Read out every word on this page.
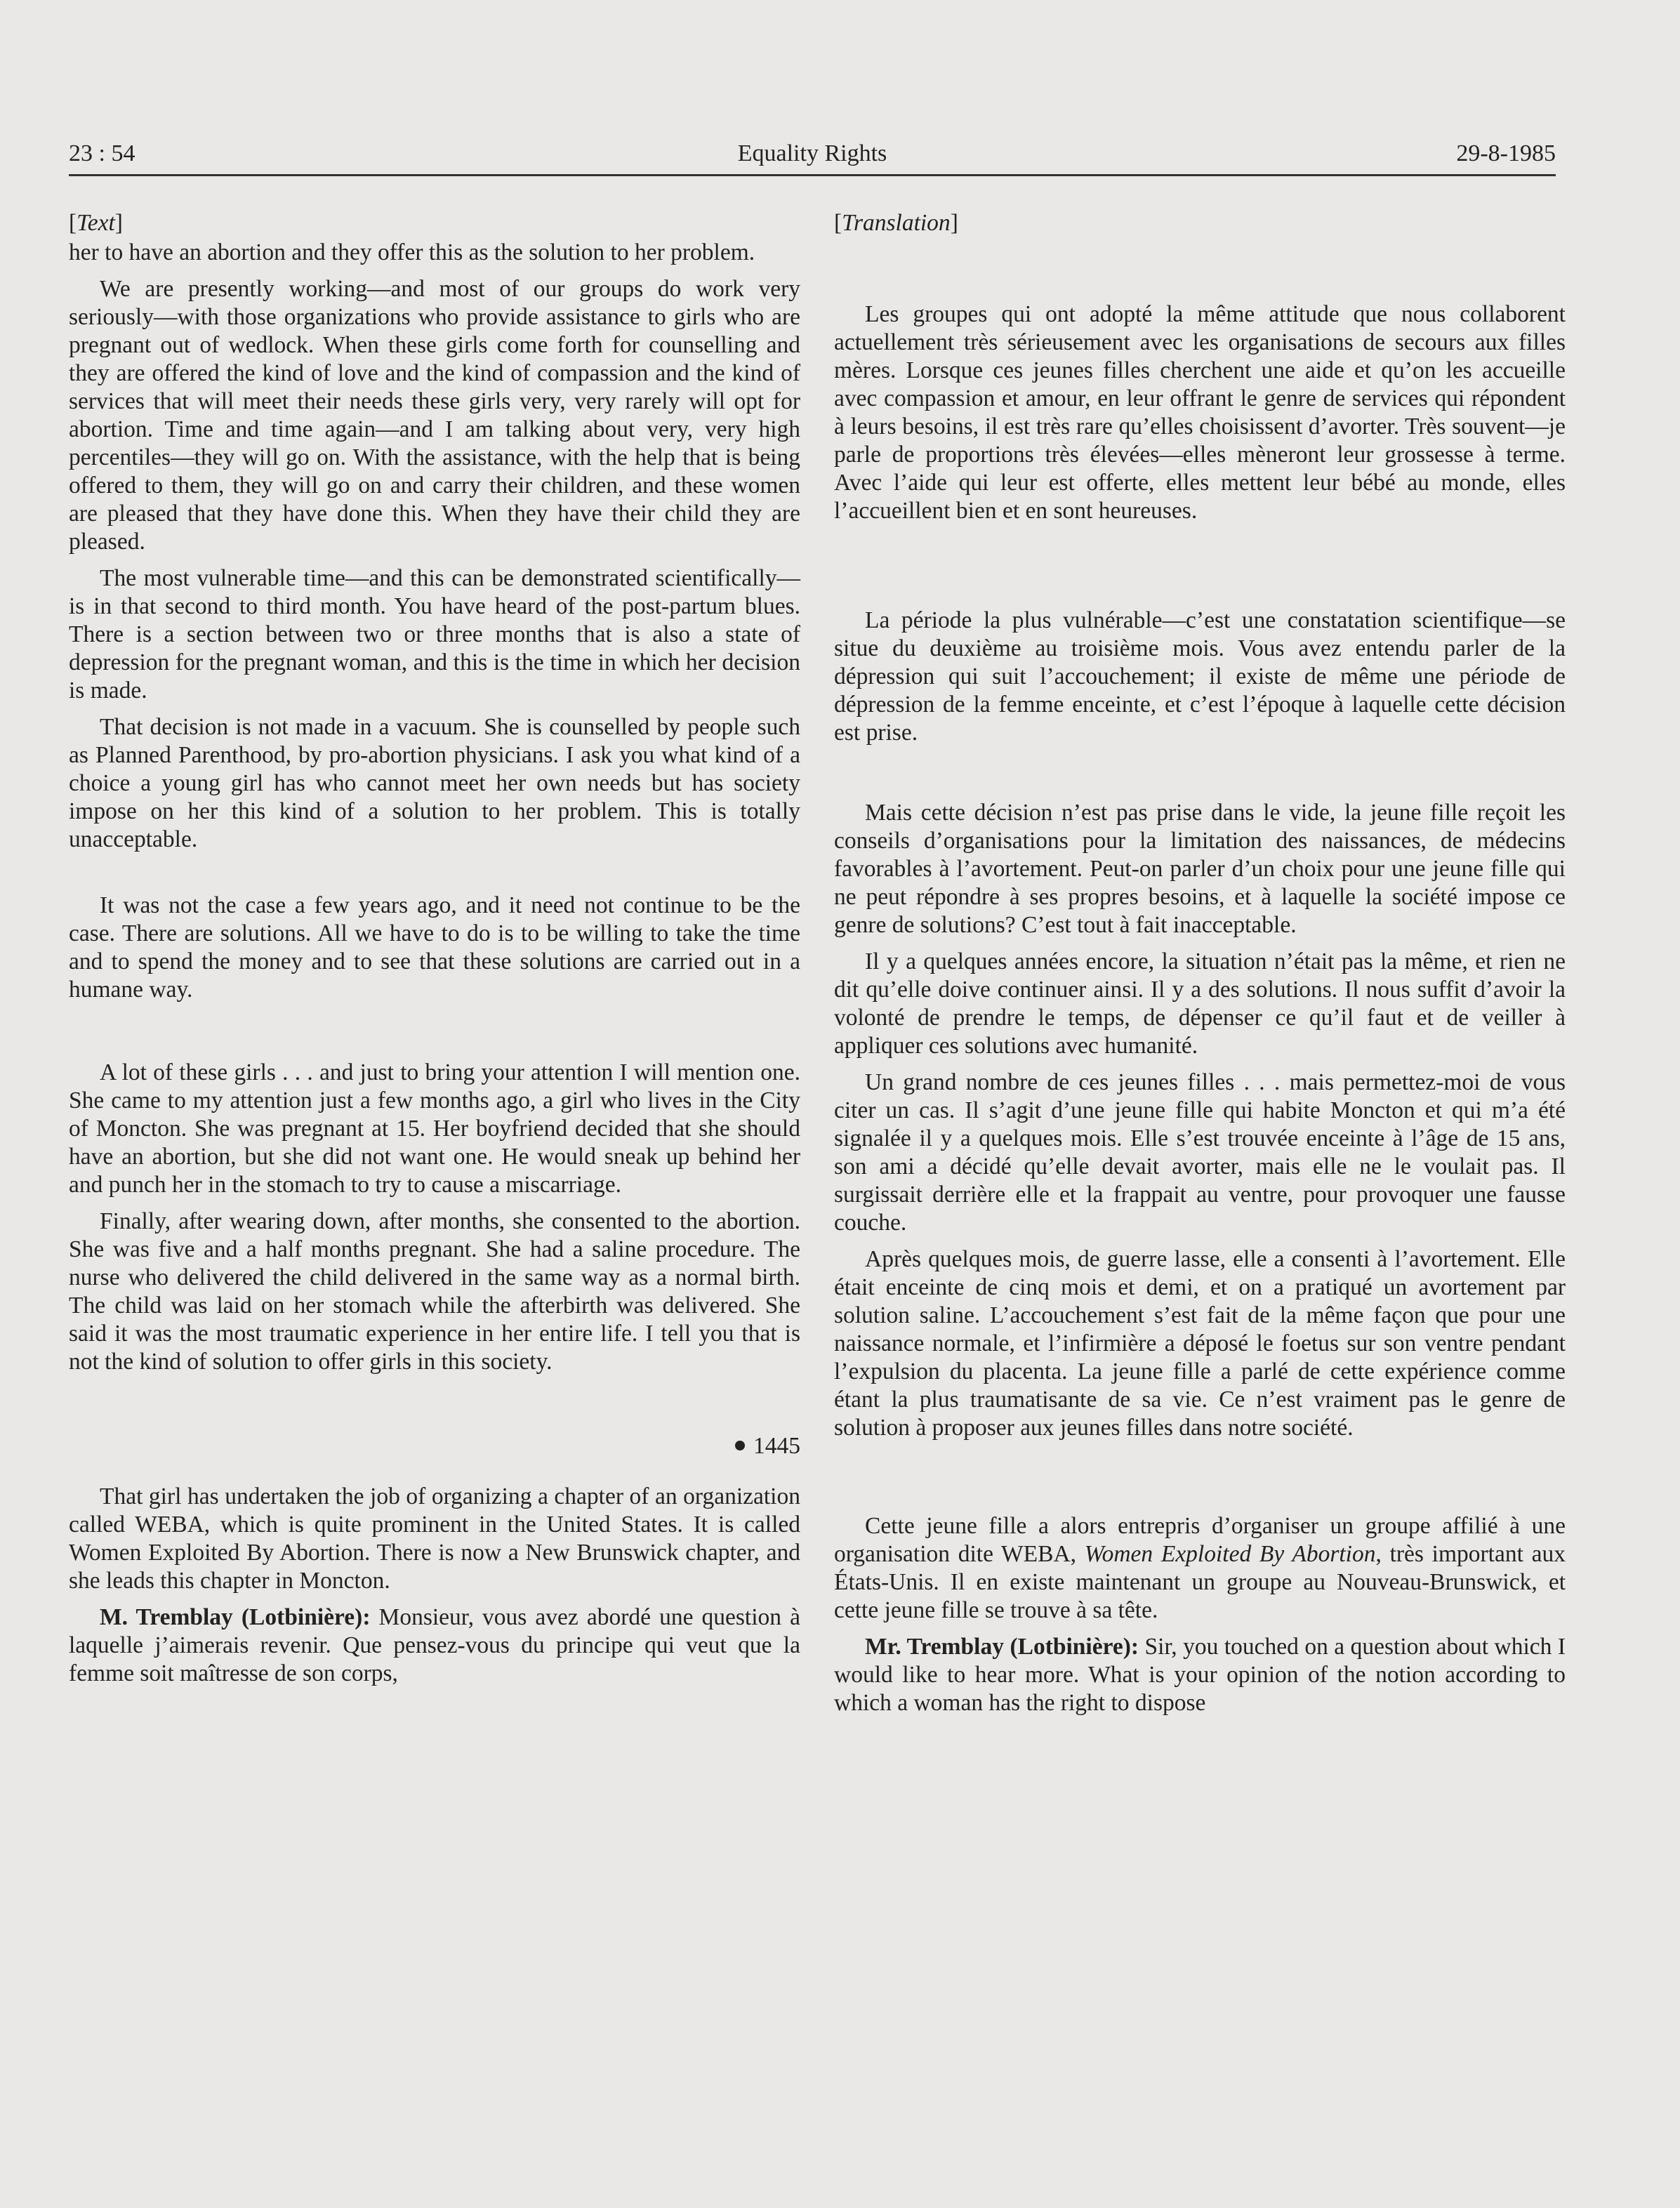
23 : 54	Equality Rights	29-8-1985
[Text]

her to have an abortion and they offer this as the solution to her problem.

We are presently working—and most of our groups do work very seriously—with those organizations who provide assistance to girls who are pregnant out of wedlock. When these girls come forth for counselling and they are offered the kind of love and the kind of compassion and the kind of services that will meet their needs these girls very, very rarely will opt for abortion. Time and time again—and I am talking about very, very high percentiles—they will go on. With the assistance, with the help that is being offered to them, they will go on and carry their children, and these women are pleased that they have done this. When they have their child they are pleased.

The most vulnerable time—and this can be demonstrated scientifically—is in that second to third month. You have heard of the post-partum blues. There is a section between two or three months that is also a state of depression for the pregnant woman, and this is the time in which her decision is made.

That decision is not made in a vacuum. She is counselled by people such as Planned Parenthood, by pro-abortion physicians. I ask you what kind of a choice a young girl has who cannot meet her own needs but has society impose on her this kind of a solution to her problem. This is totally unacceptable.

It was not the case a few years ago, and it need not continue to be the case. There are solutions. All we have to do is to be willing to take the time and to spend the money and to see that these solutions are carried out in a humane way.

A lot of these girls . . . and just to bring your attention I will mention one. She came to my attention just a few months ago, a girl who lives in the City of Moncton. She was pregnant at 15. Her boyfriend decided that she should have an abortion, but she did not want one. He would sneak up behind her and punch her in the stomach to try to cause a miscarriage.

Finally, after wearing down, after months, she consented to the abortion. She was five and a half months pregnant. She had a saline procedure. The nurse who delivered the child delivered in the same way as a normal birth. The child was laid on her stomach while the afterbirth was delivered. She said it was the most traumatic experience in her entire life. I tell you that is not the kind of solution to offer girls in this society.

1445

That girl has undertaken the job of organizing a chapter of an organization called WEBA, which is quite prominent in the United States. It is called Women Exploited By Abortion. There is now a New Brunswick chapter, and she leads this chapter in Moncton.

M. Tremblay (Lotbinière): Monsieur, vous avez abordé une question à laquelle j’aimerais revenir. Que pensez-vous du principe qui veut que la femme soit maîtresse de son corps,

[Translation]

Les groupes qui ont adopté la même attitude que nous collaborent actuellement très sérieusement avec les organisations de secours aux filles mères. Lorsque ces jeunes filles cherchent une aide et qu’on les accueille avec compassion et amour, en leur offrant le genre de services qui répondent à leurs besoins, il est très rare qu’elles choisissent d’avorter. Très souvent—je parle de proportions très élevées—elles mèneront leur grossesse à terme. Avec l’aide qui leur est offerte, elles mettent leur bébé au monde, elles l’accueillent bien et en sont heureuses.

La période la plus vulnérable—c’est une constatation scientifique—se situe du deuxième au troisième mois. Vous avez entendu parler de la dépression qui suit l’accouchement; il existe de même une période de dépression de la femme enceinte, et c’est l’époque à laquelle cette décision est prise.

Mais cette décision n’est pas prise dans le vide, la jeune fille reçoit les conseils d’organisations pour la limitation des naissances, de médecins favorables à l’avortement. Peut-on parler d’un choix pour une jeune fille qui ne peut répondre à ses propres besoins, et à laquelle la société impose ce genre de solutions? C’est tout à fait inacceptable.

Il y a quelques années encore, la situation n’était pas la même, et rien ne dit qu’elle doive continuer ainsi. Il y a des solutions. Il nous suffit d’avoir la volonté de prendre le temps, de dépenser ce qu’il faut et de veiller à appliquer ces solutions avec humanité.

Un grand nombre de ces jeunes filles . . . mais permettez-moi de vous citer un cas. Il s’agit d’une jeune fille qui habite Moncton et qui m’a été signalée il y a quelques mois. Elle s’est trouvée enceinte à l’âge de 15 ans, son ami a décidé qu’elle devait avorter, mais elle ne le voulait pas. Il surgissait derrière elle et la frappait au ventre, pour provoquer une fausse couche.

Après quelques mois, de guerre lasse, elle a consenti à l’avortement. Elle était enceinte de cinq mois et demi, et on a pratiqué un avortement par solution saline. L’accouchement s’est fait de la même façon que pour une naissance normale, et l’infirmière a déposé le foetus sur son ventre pendant l’expulsion du placenta. La jeune fille a parlé de cette expérience comme étant la plus traumatisante de sa vie. Ce n’est vraiment pas le genre de solution à proposer aux jeunes filles dans notre société.

Cette jeune fille a alors entrepris d’organiser un groupe affilié à une organisation dite WEBA, Women Exploited By Abortion, très important aux États-Unis. Il en existe maintenant un groupe au Nouveau-Brunswick, et cette jeune fille se trouve à sa tête.

Mr. Tremblay (Lotbinière): Sir, you touched on a question about which I would like to hear more. What is your opinion of the notion according to which a woman has the right to dispose
